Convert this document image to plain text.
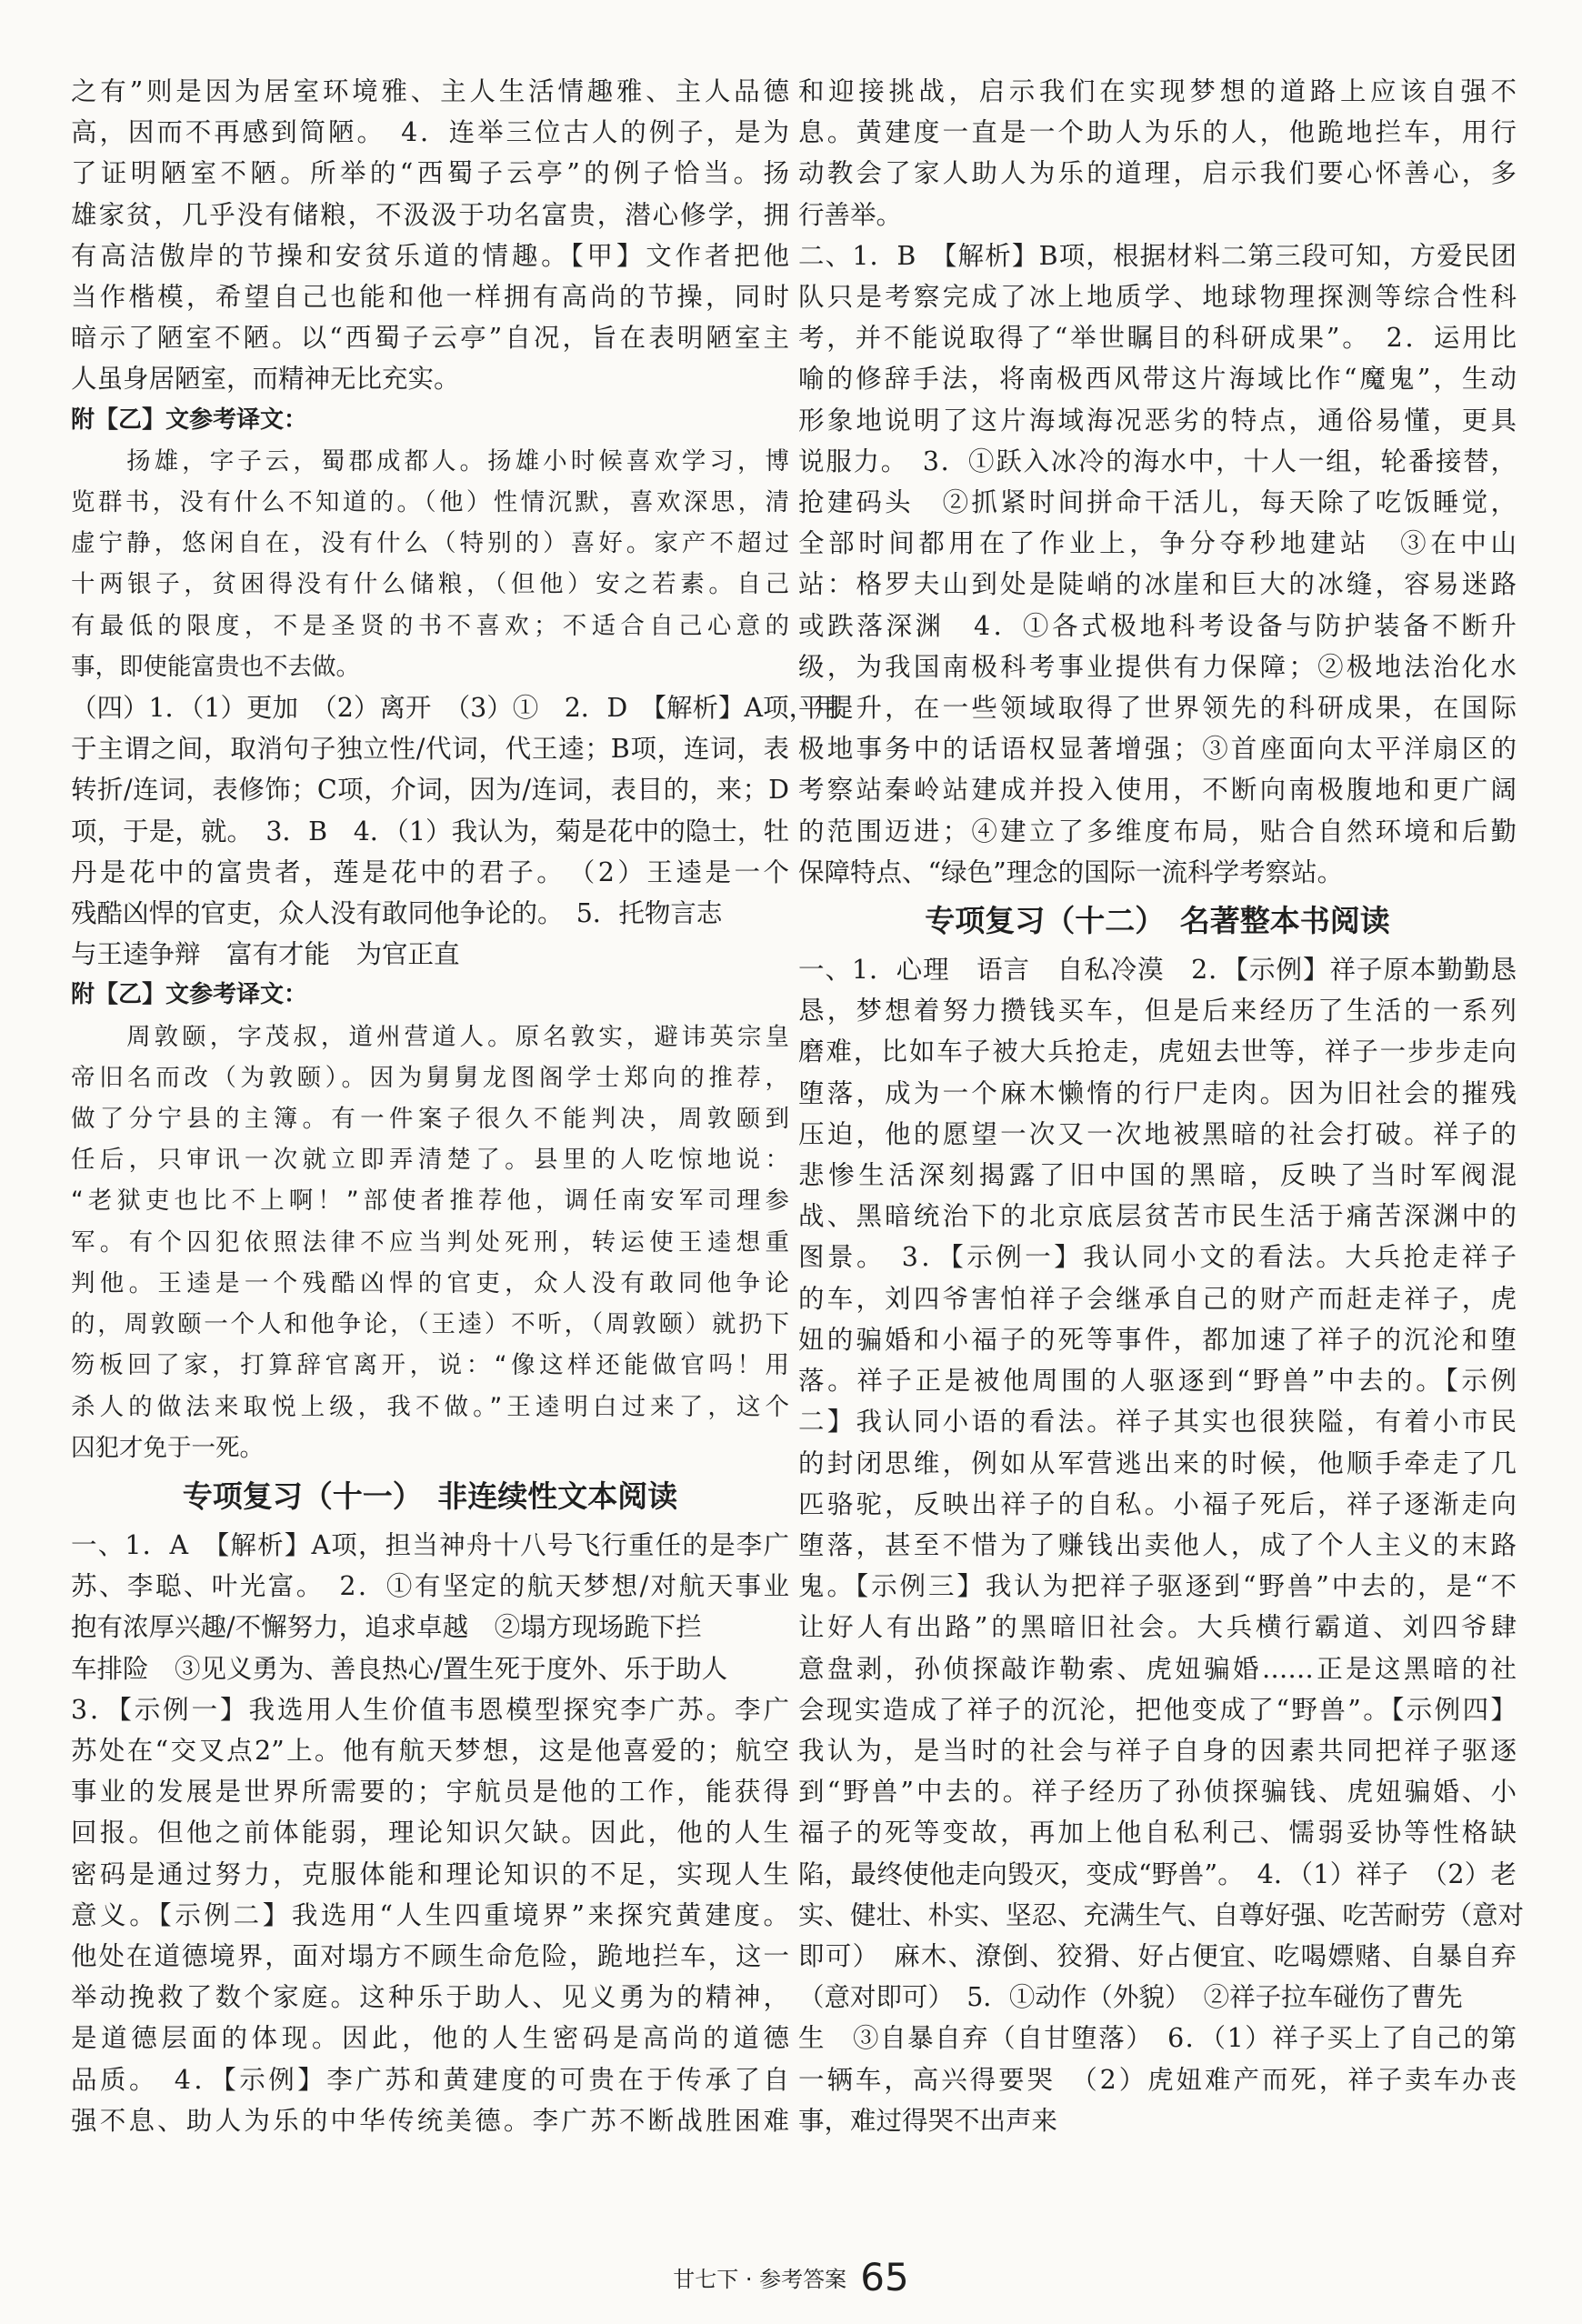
之有”则是因为居室环境雅、主人生活情趣雅、主人品德
高，因而不再感到简陋。　4．连举三位古人的例子，是为
了证明陋室不陋。所举的“西蜀子云亭”的例子恰当。扬
雄家贫，几乎没有储粮，不汲汲于功名富贵，潜心修学，拥
有高洁傲岸的节操和安贫乐道的情趣。【甲】文作者把他
当作楷模，希望自己也能和他一样拥有高尚的节操，同时
暗示了陋室不陋。以“西蜀子云亭”自况，旨在表明陋室主
人虽身居陋室，而精神无比充实。
附【乙】文参考译文：
　　扬雄，字子云，蜀郡成都人。扬雄小时候喜欢学习，博
览群书，没有什么不知道的。（他）性情沉默，喜欢深思，清
虚宁静，悠闲自在，没有什么（特别的）喜好。家产不超过
十两银子，贫困得没有什么储粮，（但他）安之若素。自己
有最低的限度，不是圣贤的书不喜欢；不适合自己心意的
事，即使能富贵也不去做。
（四）1．（1）更加　（2）离开　（3）①　2．D　【解析】A项，用
于主谓之间，取消句子独立性/代词，代王逵；B项，连词，表
转折/连词，表修饰；C项，介词，因为/连词，表目的，来；D
项，于是，就。　3．B　4．（1）我认为，菊是花中的隐士，牡
丹是花中的富贵者，莲是花中的君子。　（2）王逵是一个
残酷凶悍的官吏，众人没有敢同他争论的。　5．托物言志
与王逵争辩　富有才能　为官正直
附【乙】文参考译文：
　　周敦颐，字茂叔，道州营道人。原名敦实，避讳英宗皇
帝旧名而改（为敦颐）。因为舅舅龙图阁学士郑向的推荐，
做了分宁县的主簿。有一件案子很久不能判决，周敦颐到
任后，只审讯一次就立即弄清楚了。县里的人吃惊地说：
“老狱吏也比不上啊！”部使者推荐他，调任南安军司理参
军。有个囚犯依照法律不应当判处死刑，转运使王逵想重
判他。王逵是一个残酷凶悍的官吏，众人没有敢同他争论
的，周敦颐一个人和他争论，（王逵）不听，（周敦颐）就扔下
笏板回了家，打算辞官离开，说：“像这样还能做官吗！用
杀人的做法来取悦上级，我不做。”王逵明白过来了，这个
囚犯才免于一死。
专项复习（十一）　非连续性文本阅读
一、1．A　【解析】A项，担当神舟十八号飞行重任的是李广
苏、李聪、叶光富。　2．①有坚定的航天梦想/对航天事业
抱有浓厚兴趣/不懈努力，追求卓越　②塌方现场跪下拦
车排险　③见义勇为、善良热心/置生死于度外、乐于助人
3．【示例一】我选用人生价值韦恩模型探究李广苏。李广
苏处在“交叉点2”上。他有航天梦想，这是他喜爱的；航空
事业的发展是世界所需要的；宇航员是他的工作，能获得
回报。但他之前体能弱，理论知识欠缺。因此，他的人生
密码是通过努力，克服体能和理论知识的不足，实现人生
意义。【示例二】我选用“人生四重境界”来探究黄建度。
他处在道德境界，面对塌方不顾生命危险，跪地拦车，这一
举动挽救了数个家庭。这种乐于助人、见义勇为的精神，
是道德层面的体现。因此，他的人生密码是高尚的道德
品质。　4．【示例】李广苏和黄建度的可贵在于传承了自
强不息、助人为乐的中华传统美德。李广苏不断战胜困难
和迎接挑战，启示我们在实现梦想的道路上应该自强不
息。黄建度一直是一个助人为乐的人，他跪地拦车，用行
动教会了家人助人为乐的道理，启示我们要心怀善心，多
行善举。
二、1．B　【解析】B项，根据材料二第三段可知，方爱民团
队只是考察完成了冰上地质学、地球物理探测等综合性科
考，并不能说取得了“举世瞩目的科研成果”。　2．运用比
喻的修辞手法，将南极西风带这片海域比作“魔鬼”，生动
形象地说明了这片海域海况恶劣的特点，通俗易懂，更具
说服力。　3．①跃入冰冷的海水中，十人一组，轮番接替，
抢建码头　②抓紧时间拼命干活儿，每天除了吃饭睡觉，
全部时间都用在了作业上，争分夺秒地建站　③在中山
站：格罗夫山到处是陡峭的冰崖和巨大的冰缝，容易迷路
或跌落深渊　4．①各式极地科考设备与防护装备不断升
级，为我国南极科考事业提供有力保障；②极地法治化水
平提升，在一些领域取得了世界领先的科研成果，在国际
极地事务中的话语权显著增强；③首座面向太平洋扇区的
考察站秦岭站建成并投入使用，不断向南极腹地和更广阔
的范围迈进；④建立了多维度布局，贴合自然环境和后勤
保障特点、“绿色”理念的国际一流科学考察站。
专项复习（十二）　名著整本书阅读
一、1．心理　语言　自私冷漠　2．【示例】祥子原本勤勤恳
恳，梦想着努力攒钱买车，但是后来经历了生活的一系列
磨难，比如车子被大兵抢走，虎妞去世等，祥子一步步走向
堕落，成为一个麻木懒惰的行尸走肉。因为旧社会的摧残
压迫，他的愿望一次又一次地被黑暗的社会打破。祥子的
悲惨生活深刻揭露了旧中国的黑暗，反映了当时军阀混
战、黑暗统治下的北京底层贫苦市民生活于痛苦深渊中的
图景。　3．【示例一】我认同小文的看法。大兵抢走祥子
的车，刘四爷害怕祥子会继承自己的财产而赶走祥子，虎
妞的骗婚和小福子的死等事件，都加速了祥子的沉沦和堕
落。祥子正是被他周围的人驱逐到“野兽”中去的。【示例
二】我认同小语的看法。祥子其实也很狭隘，有着小市民
的封闭思维，例如从军营逃出来的时候，他顺手牵走了几
匹骆驼，反映出祥子的自私。小福子死后，祥子逐渐走向
堕落，甚至不惜为了赚钱出卖他人，成了个人主义的末路
鬼。【示例三】我认为把祥子驱逐到“野兽”中去的，是“不
让好人有出路”的黑暗旧社会。大兵横行霸道、刘四爷肆
意盘剥，孙侦探敲诈勒索、虎妞骗婚……正是这黑暗的社
会现实造成了祥子的沉沦，把他变成了“野兽”。【示例四】
我认为，是当时的社会与祥子自身的因素共同把祥子驱逐
到“野兽”中去的。祥子经历了孙侦探骗钱、虎妞骗婚、小
福子的死等变故，再加上他自私利己、懦弱妥协等性格缺
陷，最终使他走向毁灭，变成“野兽”。　4．（1）祥子　（2）老
实、健壮、朴实、坚忍、充满生气、自尊好强、吃苦耐劳（意对
即可）　麻木、潦倒、狡猾、好占便宜、吃喝嫖赌、自暴自弃
（意对即可）　5．①动作（外貌）　②祥子拉车碰伤了曹先
生　③自暴自弃（自甘堕落）　6．（1）祥子买上了自己的第
一辆车，高兴得要哭　（2）虎妞难产而死，祥子卖车办丧
事，难过得哭不出声来
甘七下 · 参考答案 65
